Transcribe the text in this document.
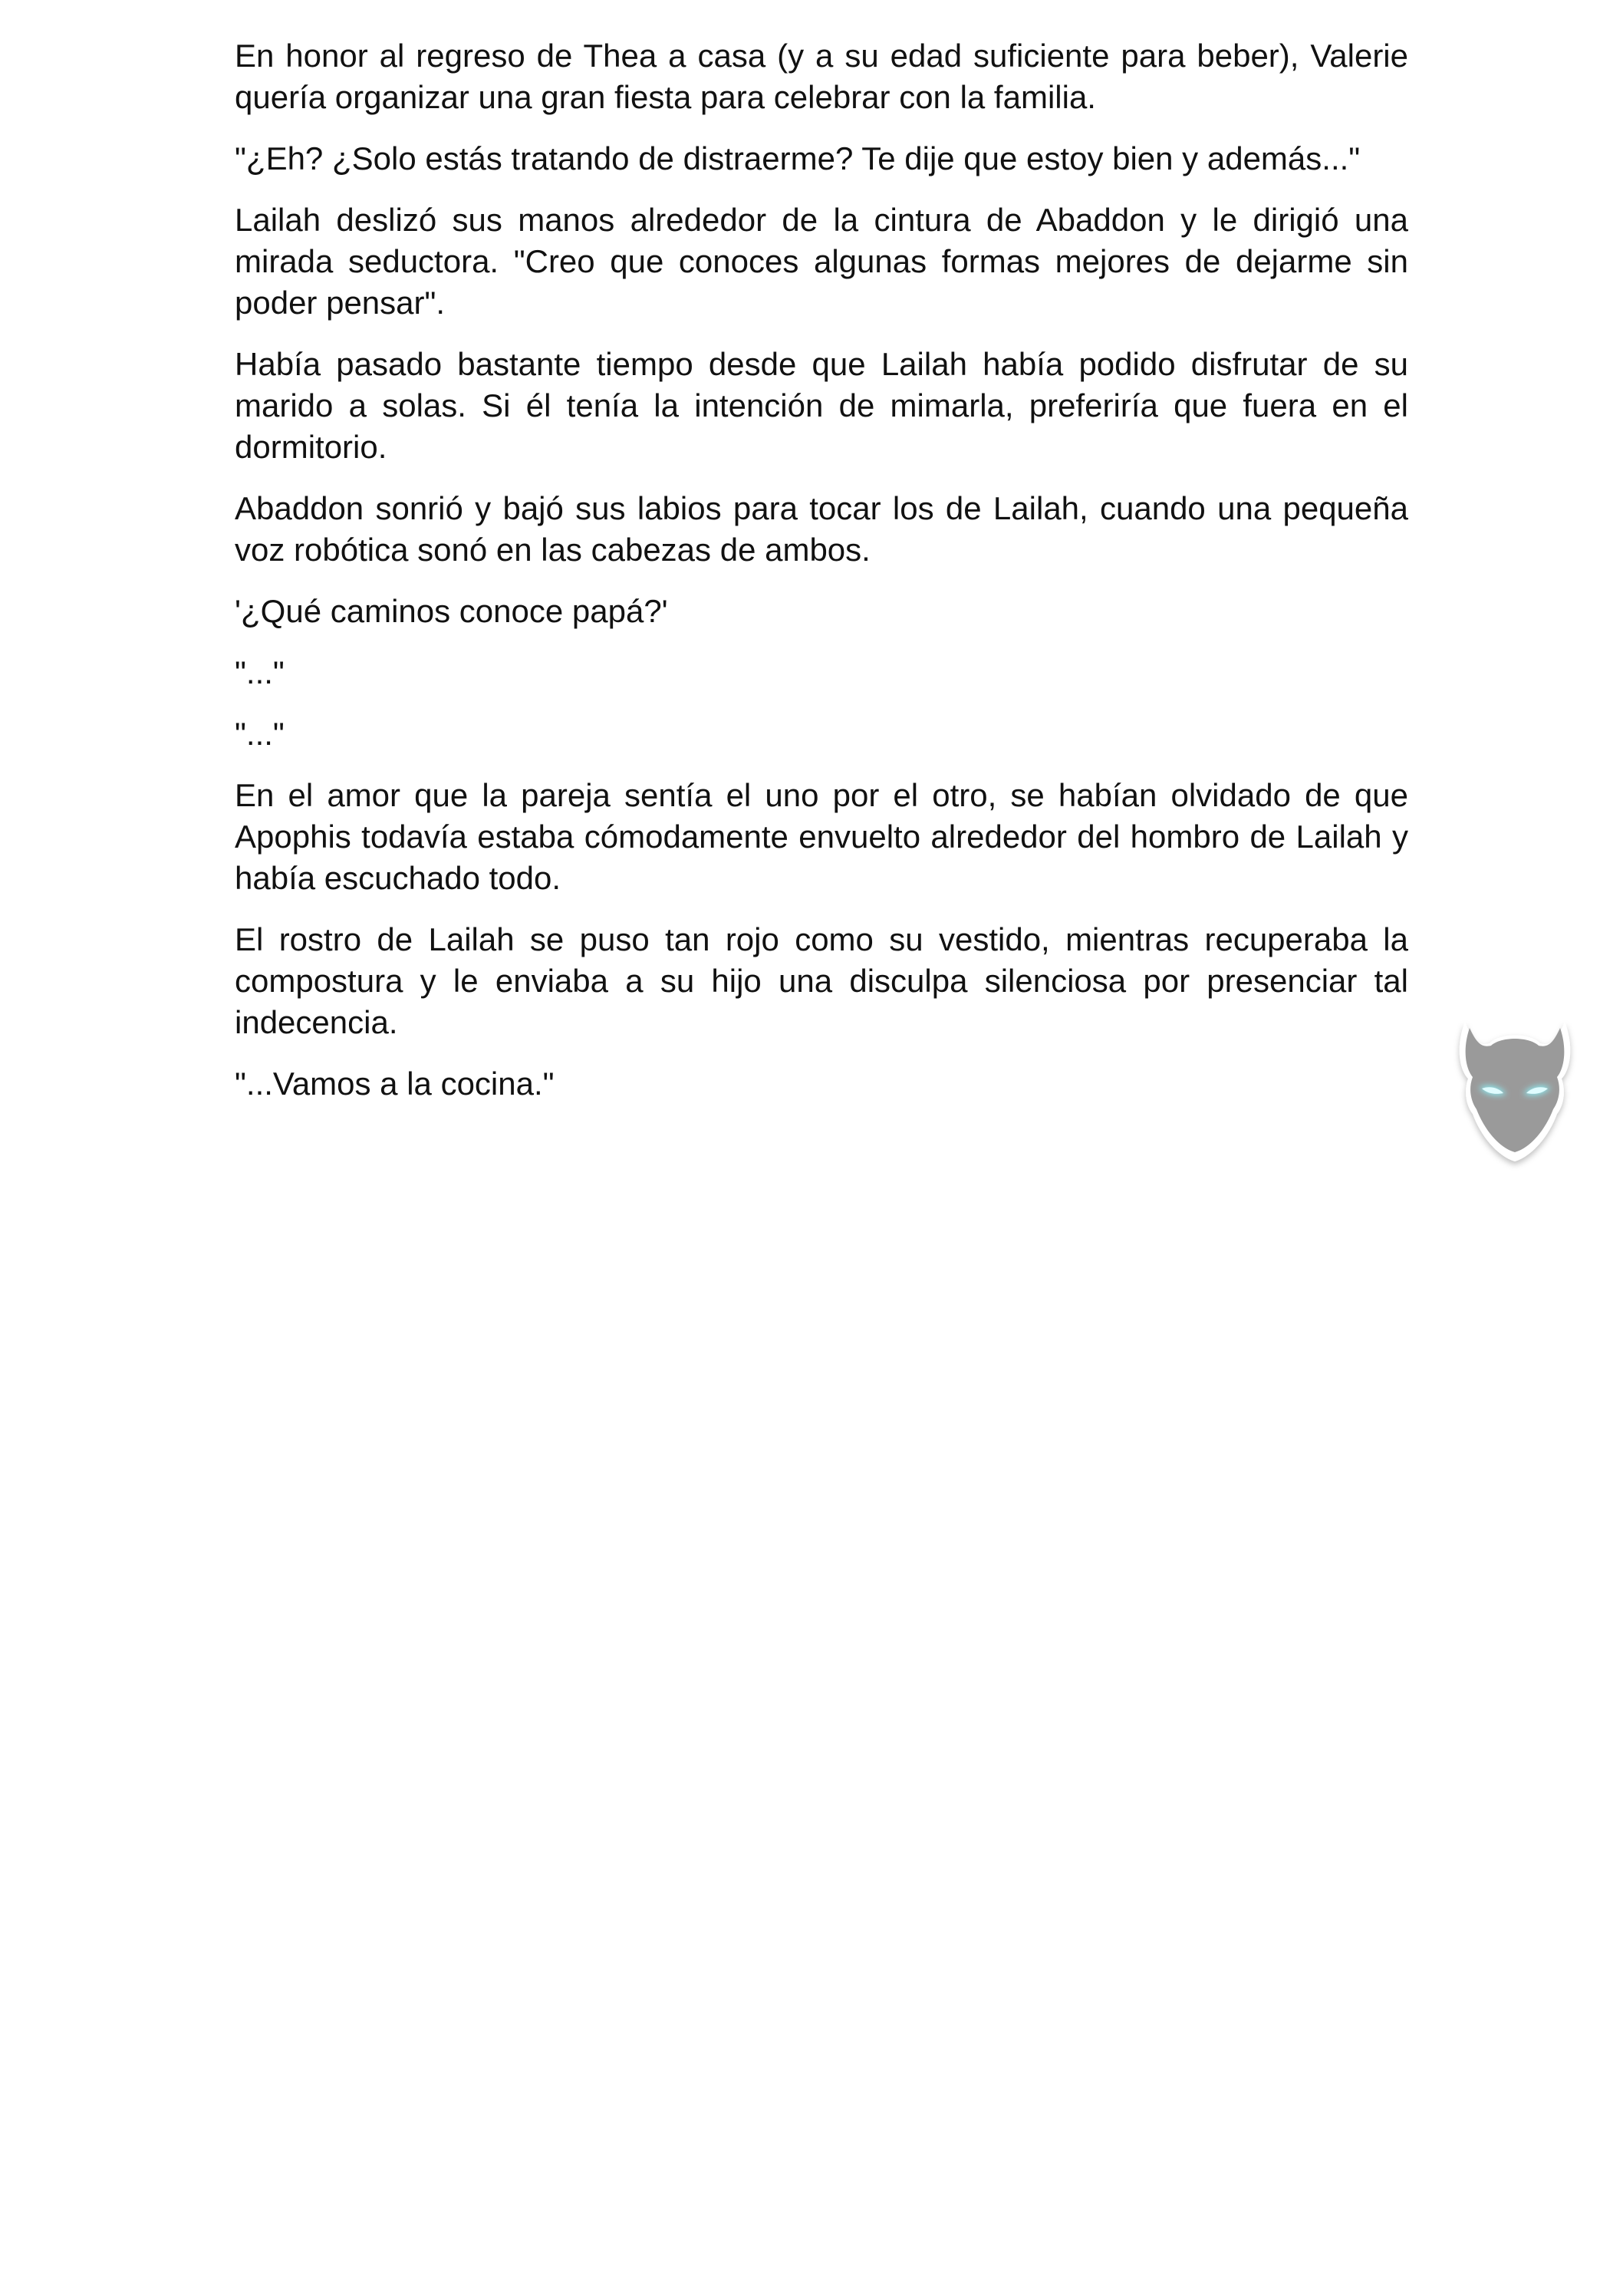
En honor al regreso de Thea a casa (y a su edad suficiente para beber), Valerie quería organizar una gran fiesta para celebrar con la familia.

"¿Eh? ¿Solo estás tratando de distraerme? Te dije que estoy bien y además..."

Lailah deslizó sus manos alrededor de la cintura de Abaddon y le dirigió una mirada seductora. "Creo que conoces algunas formas mejores de dejarme sin poder pensar".

Había pasado bastante tiempo desde que Lailah había podido disfrutar de su marido a solas. Si él tenía la intención de mimarla, preferiría que fuera en el dormitorio.

Abaddon sonrió y bajó sus labios para tocar los de Lailah, cuando una pequeña voz robótica sonó en las cabezas de ambos.

'¿Qué caminos conoce papá?'

"..."

"..."

En el amor que la pareja sentía el uno por el otro, se habían olvidado de que Apophis todavía estaba cómodamente envuelto alrededor del hombro de Lailah y había escuchado todo.

El rostro de Lailah se puso tan rojo como su vestido, mientras recuperaba la compostura y le enviaba a su hijo una disculpa silenciosa por presenciar tal indecencia.

"...Vamos a la cocina."
